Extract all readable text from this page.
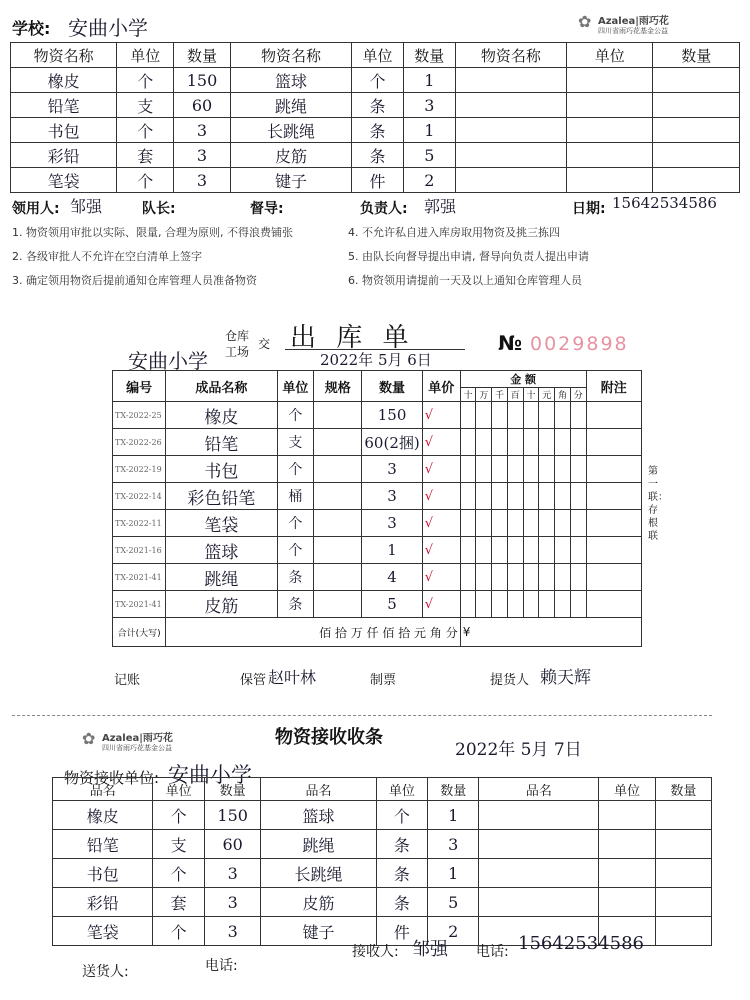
学校: 安曲小学	✿ Azalea|雨巧花
四川省雨巧花基金公益
物资名称	单位	数量	物资名称	单位	数量	物资名称	单位	数量
橡皮	个	150	篮球	个	1			
铅笔	支	60	跳绳	条	3			
书包	个	3	长跳绳	条	1			
彩铅	套	3	皮筋	条	5			
笔袋	个	3	键子	件	2			
领用人: 邹强	队长:	督导:	负责人: 郭强	日期: 15642534586
1. 物资领用审批以实际、限量, 合理为原则, 不得浪费铺张
2. 各级审批人不允许在空白清单上签字
3. 确定领用物资后提前通知仓库管理人员准备物资
4. 不允许私自进入库房取用物资及挑三拣四
5. 由队长向督导提出申请, 督导向负责人提出申请
6. 物资领用请提前一天及以上通知仓库管理人员
安曲小学
仓库
工场
交 出 库 单
2022年 5月 6日
№ 0029898
编号	成品名称	单位	规格	数量	单价	金 额								附注
						十	万	千	百	十	元	角	分	
TX-2022-25	橡皮	个		150	√									
TX-2022-26	铅笔	支		60(2捆)	√									
TX-2022-19	书包	个		3	√									
TX-2022-14	彩色铅笔	桶		3	√									
TX-2022-11	笔袋	个		3	√									
TX-2021-16	篮球	个		1	√									
TX-2021-41	跳绳	条		4	√									
TX-2021-41	皮筋	条		5	√									
合计(大写)	佰 拾 万 仟 佰 拾 元 角 分					¥								
第一联：存根联
记账	保管 赵叶林	制票	提货人 赖天辉
✿ Azalea|雨巧花
四川省雨巧花基金公益	物资接收收条
2022年 5月 7日
物资接收单位: 安曲小学
品名	单位	数量	品名	单位	数量	品名	单位	数量
橡皮	个	150	篮球	个	1			
铅笔	支	60	跳绳	条	3			
书包	个	3	长跳绳	条	1			
彩铅	套	3	皮筋	条	5			
笔袋	个	3	键子	件	2			
接收人: 邹强 电话: 15642534586
送货人:	电话:
